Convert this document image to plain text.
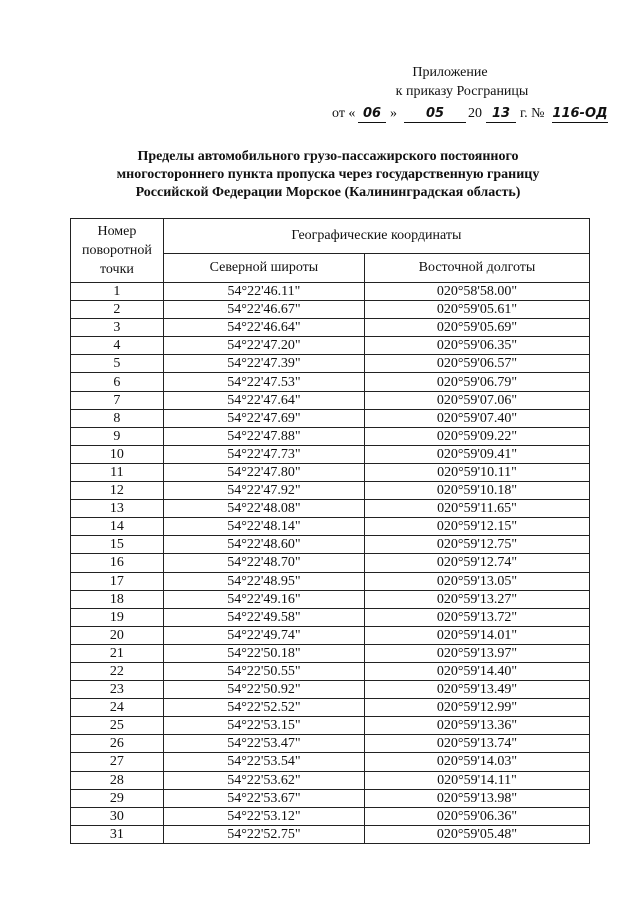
Приложение
к приказу Росграницы
от « 06 »	05	20 13 г. № 116-ОД
Пределы автомобильного грузо-пассажирского постоянного
многостороннего пункта пропуска через государственную границу
Российской Федерации Морское (Калининградская область)
Номер поворотной точки	Географические координаты	
	Северной широты	Восточной долготы
1	54°22'46.11"	020°58'58.00"
2	54°22'46.67"	020°59'05.61"
3	54°22'46.64"	020°59'05.69"
4	54°22'47.20"	020°59'06.35"
5	54°22'47.39"	020°59'06.57"
6	54°22'47.53"	020°59'06.79"
7	54°22'47.64"	020°59'07.06"
8	54°22'47.69"	020°59'07.40"
9	54°22'47.88"	020°59'09.22"
10	54°22'47.73"	020°59'09.41"
11	54°22'47.80"	020°59'10.11"
12	54°22'47.92"	020°59'10.18"
13	54°22'48.08"	020°59'11.65"
14	54°22'48.14"	020°59'12.15"
15	54°22'48.60"	020°59'12.75"
16	54°22'48.70"	020°59'12.74"
17	54°22'48.95"	020°59'13.05"
18	54°22'49.16"	020°59'13.27"
19	54°22'49.58"	020°59'13.72"
20	54°22'49.74"	020°59'14.01"
21	54°22'50.18"	020°59'13.97"
22	54°22'50.55"	020°59'14.40"
23	54°22'50.92"	020°59'13.49"
24	54°22'52.52"	020°59'12.99"
25	54°22'53.15"	020°59'13.36"
26	54°22'53.47"	020°59'13.74"
27	54°22'53.54"	020°59'14.03"
28	54°22'53.62"	020°59'14.11"
29	54°22'53.67"	020°59'13.98"
30	54°22'53.12"	020°59'06.36"
31	54°22'52.75"	020°59'05.48"
